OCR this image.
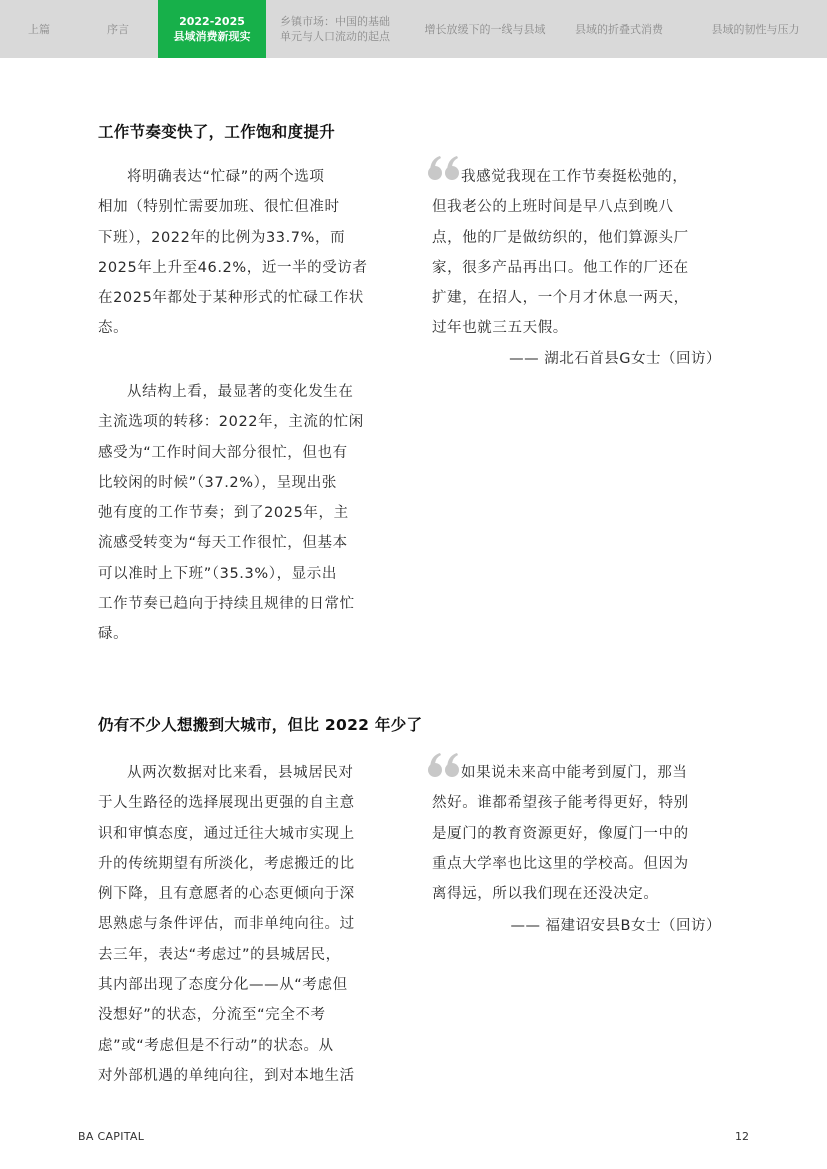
上篇	序言
2022-2025
县域消费新现实
乡镇市场：中国的基础
单元与人口流动的起点
增长放缓下的一线与县域	县域的折叠式消费	县域的韧性与压力
工作节奏变快了，工作饱和度提升
将明确表达“忙碌”的两个选项
相加（特别忙需要加班、很忙但准时
下班），2022年的比例为33.7%，而
2025年上升至46.2%，近一半的受访者
在2025年都处于某种形式的忙碌工作状
态。
从结构上看，最显著的变化发生在
主流选项的转移：2022年，主流的忙闲
感受为“工作时间大部分很忙，但也有
比较闲的时候”（37.2%），呈现出张
弛有度的工作节奏；到了2025年，主
流感受转变为“每天工作很忙，但基本
可以准时上下班”（35.3%），显示出
工作节奏已趋向于持续且规律的日常忙
碌。
我感觉我现在工作节奏挺松弛的，
但我老公的上班时间是早八点到晚八
点，他的厂是做纺织的，他们算源头厂
家，很多产品再出口。他工作的厂还在
扩建，在招人，一个月才休息一两天，
过年也就三五天假。
—— 湖北石首县G女士（回访）
仍有不少人想搬到大城市，但比 2022 年少了
从两次数据对比来看，县城居民对
于人生路径的选择展现出更强的自主意
识和审慎态度，通过迁往大城市实现上
升的传统期望有所淡化，考虑搬迁的比
例下降，且有意愿者的心态更倾向于深
思熟虑与条件评估，而非单纯向往。过
去三年，表达“考虑过”的县城居民，
其内部出现了态度分化——从“考虑但
没想好”的状态，分流至“完全不考
虑”或“考虑但是不行动”的状态。从
对外部机遇的单纯向往，到对本地生活
如果说未来高中能考到厦门，那当
然好。谁都希望孩子能考得更好，特别
是厦门的教育资源更好，像厦门一中的
重点大学率也比这里的学校高。但因为
离得远，所以我们现在还没决定。
—— 福建诏安县B女士（回访）
BA CAPITAL	12
